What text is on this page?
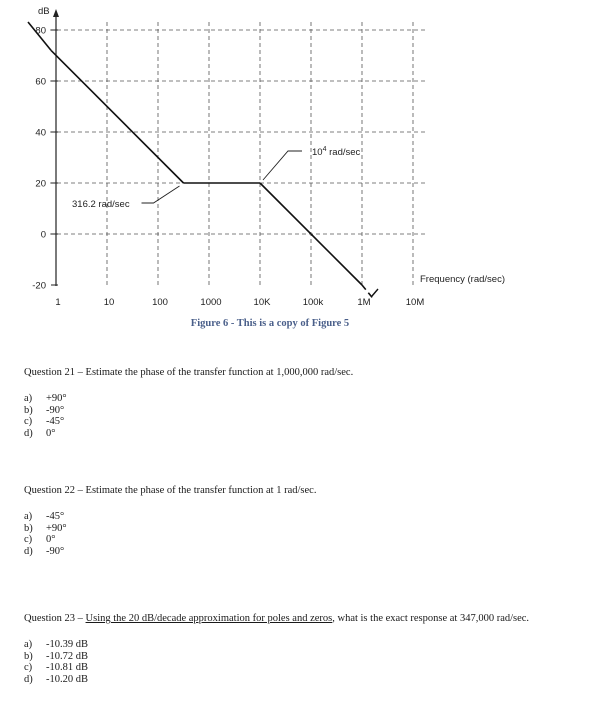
dB
Frequency (rad/sec)
80
60
40
20
0
-20
1	10	100	1000	10K	100k	1M	10M
316.2 rad/sec
$10^4$ rad/sec
Figure 6 - This is a copy of Figure 5
Question 21 – Estimate the phase of the transfer function at 1,000,000 rad/sec.
a) +90°
b) -90°
c) -45°
d) 0°
Question 22 – Estimate the phase of the transfer function at 1 rad/sec.
a) -45°
b) +90°
c) 0°
d) -90°
Question 23 – Using the 20 dB/decade approximation for poles and zeros, what is the exact response at 347,000 rad/sec.
a) -10.39 dB
b) -10.72 dB
c) -10.81 dB
d) -10.20 dB
